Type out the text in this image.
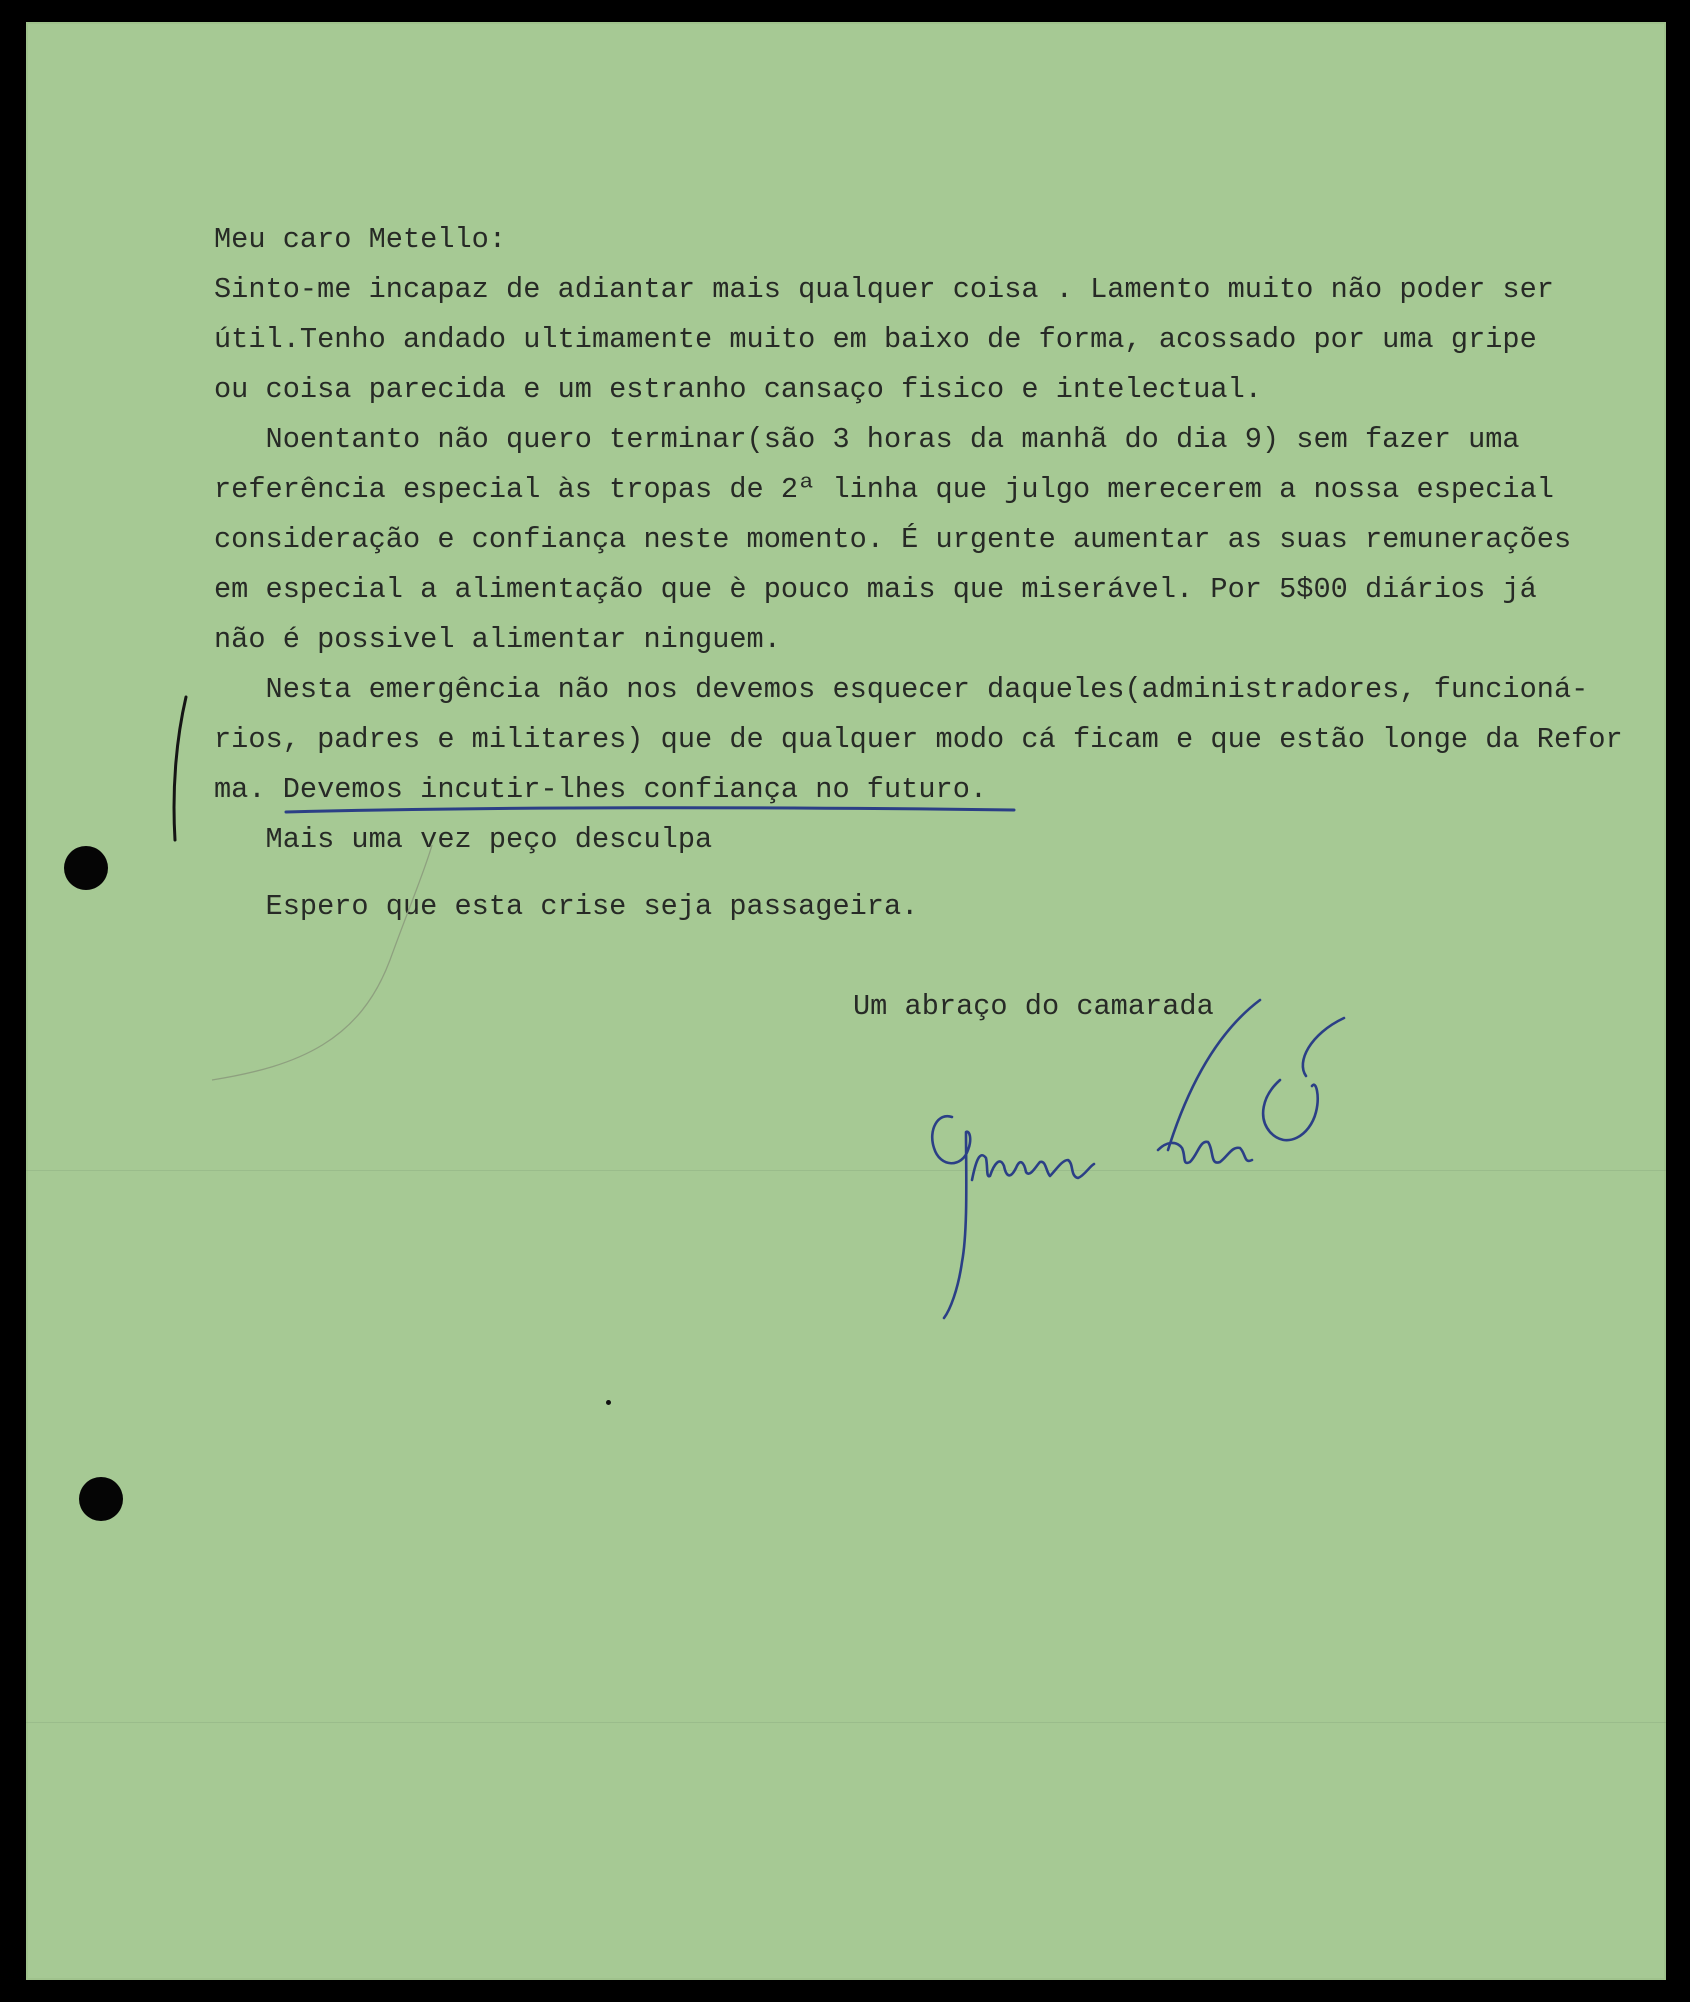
Meu caro Metello:
Sinto-me incapaz de adiantar mais qualquer coisa . Lamento muito não poder ser
útil.Tenho andado ultimamente muito em baixo de forma, acossado por uma gripe
ou coisa parecida e um estranho cansaço fisico e intelectual.
Noentanto não quero terminar(são 3 horas da manhã do dia 9) sem fazer uma
referência especial às tropas de 2ª linha que julgo merecerem a nossa especial
consideração e confiança neste momento. É urgente aumentar as suas remunerações
em especial a alimentação que è pouco mais que miserável. Por 5$00 diários já
não é possivel alimentar ninguem.
Nesta emergência não nos devemos esquecer daqueles(administradores, funcioná-
rios, padres e militares) que de qualquer modo cá ficam e que estão longe da Refor
ma. Devemos incutir-lhes confiança no futuro.
Mais uma vez peço desculpa
Espero que esta crise seja passageira.
Um abraço do camarada
